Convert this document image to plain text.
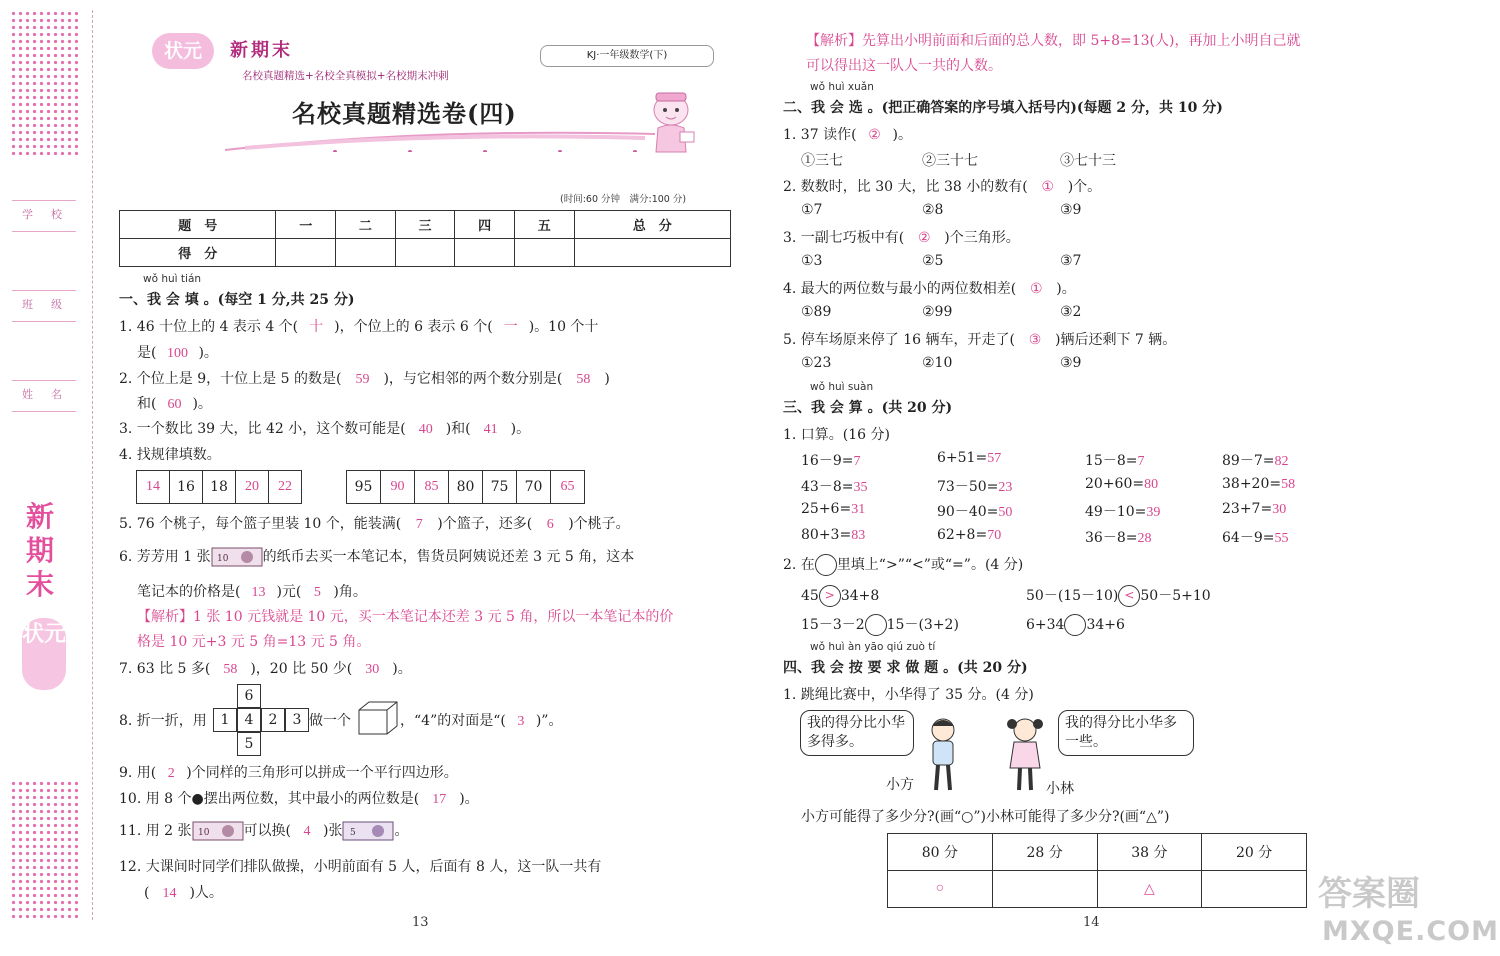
学校
班级
姓名
新期末
状元
状元	新期末
名校真题精选+名校全真模拟+名校期末冲刺
KJ·一年级数学(下)
名校真题精选卷(四)
(时间:60 分钟　满分:100 分)
题　号	一	二	三	四	五	总　分
得　分						
wǒ huì tián
一、我 会 填 。(每空 1 分,共 25 分)
1. 46 十位上的 4 表示 4 个( 十 )，个位上的 6 表示 6 个( 一 )。10 个十
是( 100 )。
2. 个位上是 9，十位上是 5 的数是( 59 )，与它相邻的两个数分别是( 58 )
和( 60 )。
3. 一个数比 39 大，比 42 小，这个数可能是( 40 )和( 41 )。
4. 找规律填数。
14	16	18	20	22	95	90	85	80	75	70	65
5. 76 个桃子，每个篮子里装 10 个，能装满( 7 )个篮子，还多( 6 )个桃子。
6. 芳芳用 1 张 10 的纸币去买一本笔记本，售货员阿姨说还差 3 元 5 角，这本
笔记本的价格是( 13 )元( 5 )角。
【解析】1 张 10 元钱就是 10 元，买一本笔记本还差 3 元 5 角，所以一本笔记本的价
格是 10 元+3 元 5 角=13 元 5 角。
7. 63 比 5 多( 58 )，20 比 50 少( 30 )。
8. 折一折，用
6
1	4	2	3
5
做一个	，“4”的对面是“( 3 )”。
9. 用( 2 )个同样的三角形可以拼成一个平行四边形。
10. 用 8 个●摆出两位数，其中最小的两位数是( 17 )。
11. 用 2 张 10 可以换( 4 )张 5	。
12. 大课间时同学们排队做操，小明前面有 5 人，后面有 8 人，这一队一共有
( 14 )人。
13
【解析】先算出小明前面和后面的总人数，即 5+8=13(人)，再加上小明自己就
可以得出这一队人一共的人数。
wǒ huì xuǎn
二、我 会 选 。(把正确答案的序号填入括号内)(每题 2 分，共 10 分)
1. 37 读作( ② )。
①三七	②三十七	③七十三
2. 数数时，比 30 大，比 38 小的数有( ① )个。
①7	②8	③9
3. 一副七巧板中有( ② )个三角形。
①3	②5	③7
4. 最大的两位数与最小的两位数相差( ① )。
①89	②99	③2
5. 停车场原来停了 16 辆车，开走了( ③ )辆后还剩下 7 辆。
①23	②10	③9
wǒ huì suàn
三、我 会 算 。(共 20 分)
1. 口算。(16 分)
16－9=7	6+51=57	15－8=7	89－7=82
43－8=35	73－50=23	20+60=80	38+20=58
25+6=31	90－40=50	49－10=39	23+7=30
80+3=83	62+8=70	36－8=28	64－9=55
2. 在 里填上“>”“<”或“=”。(4 分)
45 > 34+8	50－(15－10) < 50－5+10
15－3－2 15－(3+2)	6+34 34+6
wǒ huì àn yāo qiú zuò tí
四、我 会 按 要 求 做 题 。(共 20 分)
1. 跳绳比赛中，小华得了 35 分。(4 分)
我的得分比小华多得多。
小方
我的得分比小华多一些。
小林
小方可能得了多少分?(画“○”)小林可能得了多少分?(画“△”)
80 分	28 分	38 分	20 分
○		△	
14
答案圈
MXQE.COM
